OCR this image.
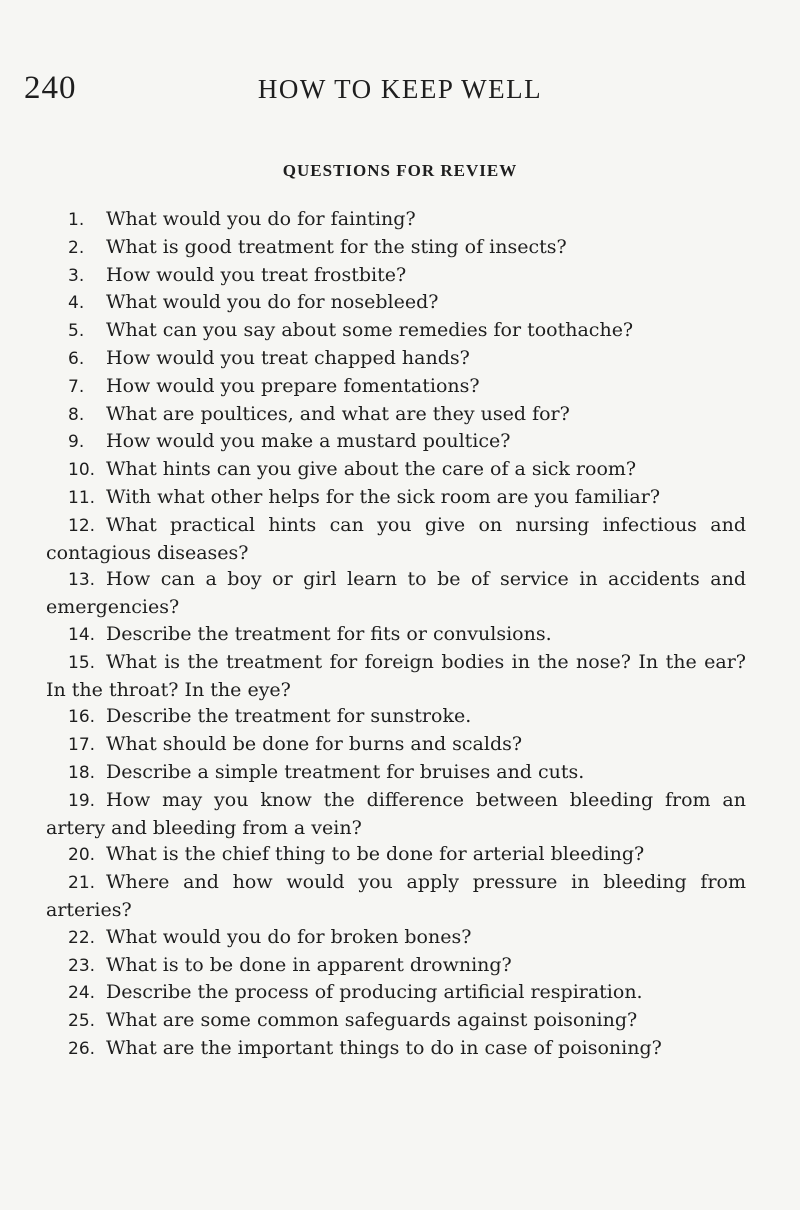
240	HOW TO KEEP WELL
QUESTIONS FOR REVIEW
1. What would you do for fainting?
2. What is good treatment for the sting of insects?
3. How would you treat frostbite?
4. What would you do for nosebleed?
5. What can you say about some remedies for toothache?
6. How would you treat chapped hands?
7. How would you prepare fomentations?
8. What are poultices, and what are they used for?
9. How would you make a mustard poultice?
10. What hints can you give about the care of a sick room?
11. With what other helps for the sick room are you familiar?
12. What practical hints can you give on nursing infectious and contagious diseases?
13. How can a boy or girl learn to be of service in accidents and emergencies?
14. Describe the treatment for fits or convulsions.
15. What is the treatment for foreign bodies in the nose? In the ear? In the throat? In the eye?
16. Describe the treatment for sunstroke.
17. What should be done for burns and scalds?
18. Describe a simple treatment for bruises and cuts.
19. How may you know the difference between bleeding from an artery and bleeding from a vein?
20. What is the chief thing to be done for arterial bleeding?
21. Where and how would you apply pressure in bleeding from arteries?
22. What would you do for broken bones?
23. What is to be done in apparent drowning?
24. Describe the process of producing artificial respiration.
25. What are some common safeguards against poisoning?
26. What are the important things to do in case of poisoning?
